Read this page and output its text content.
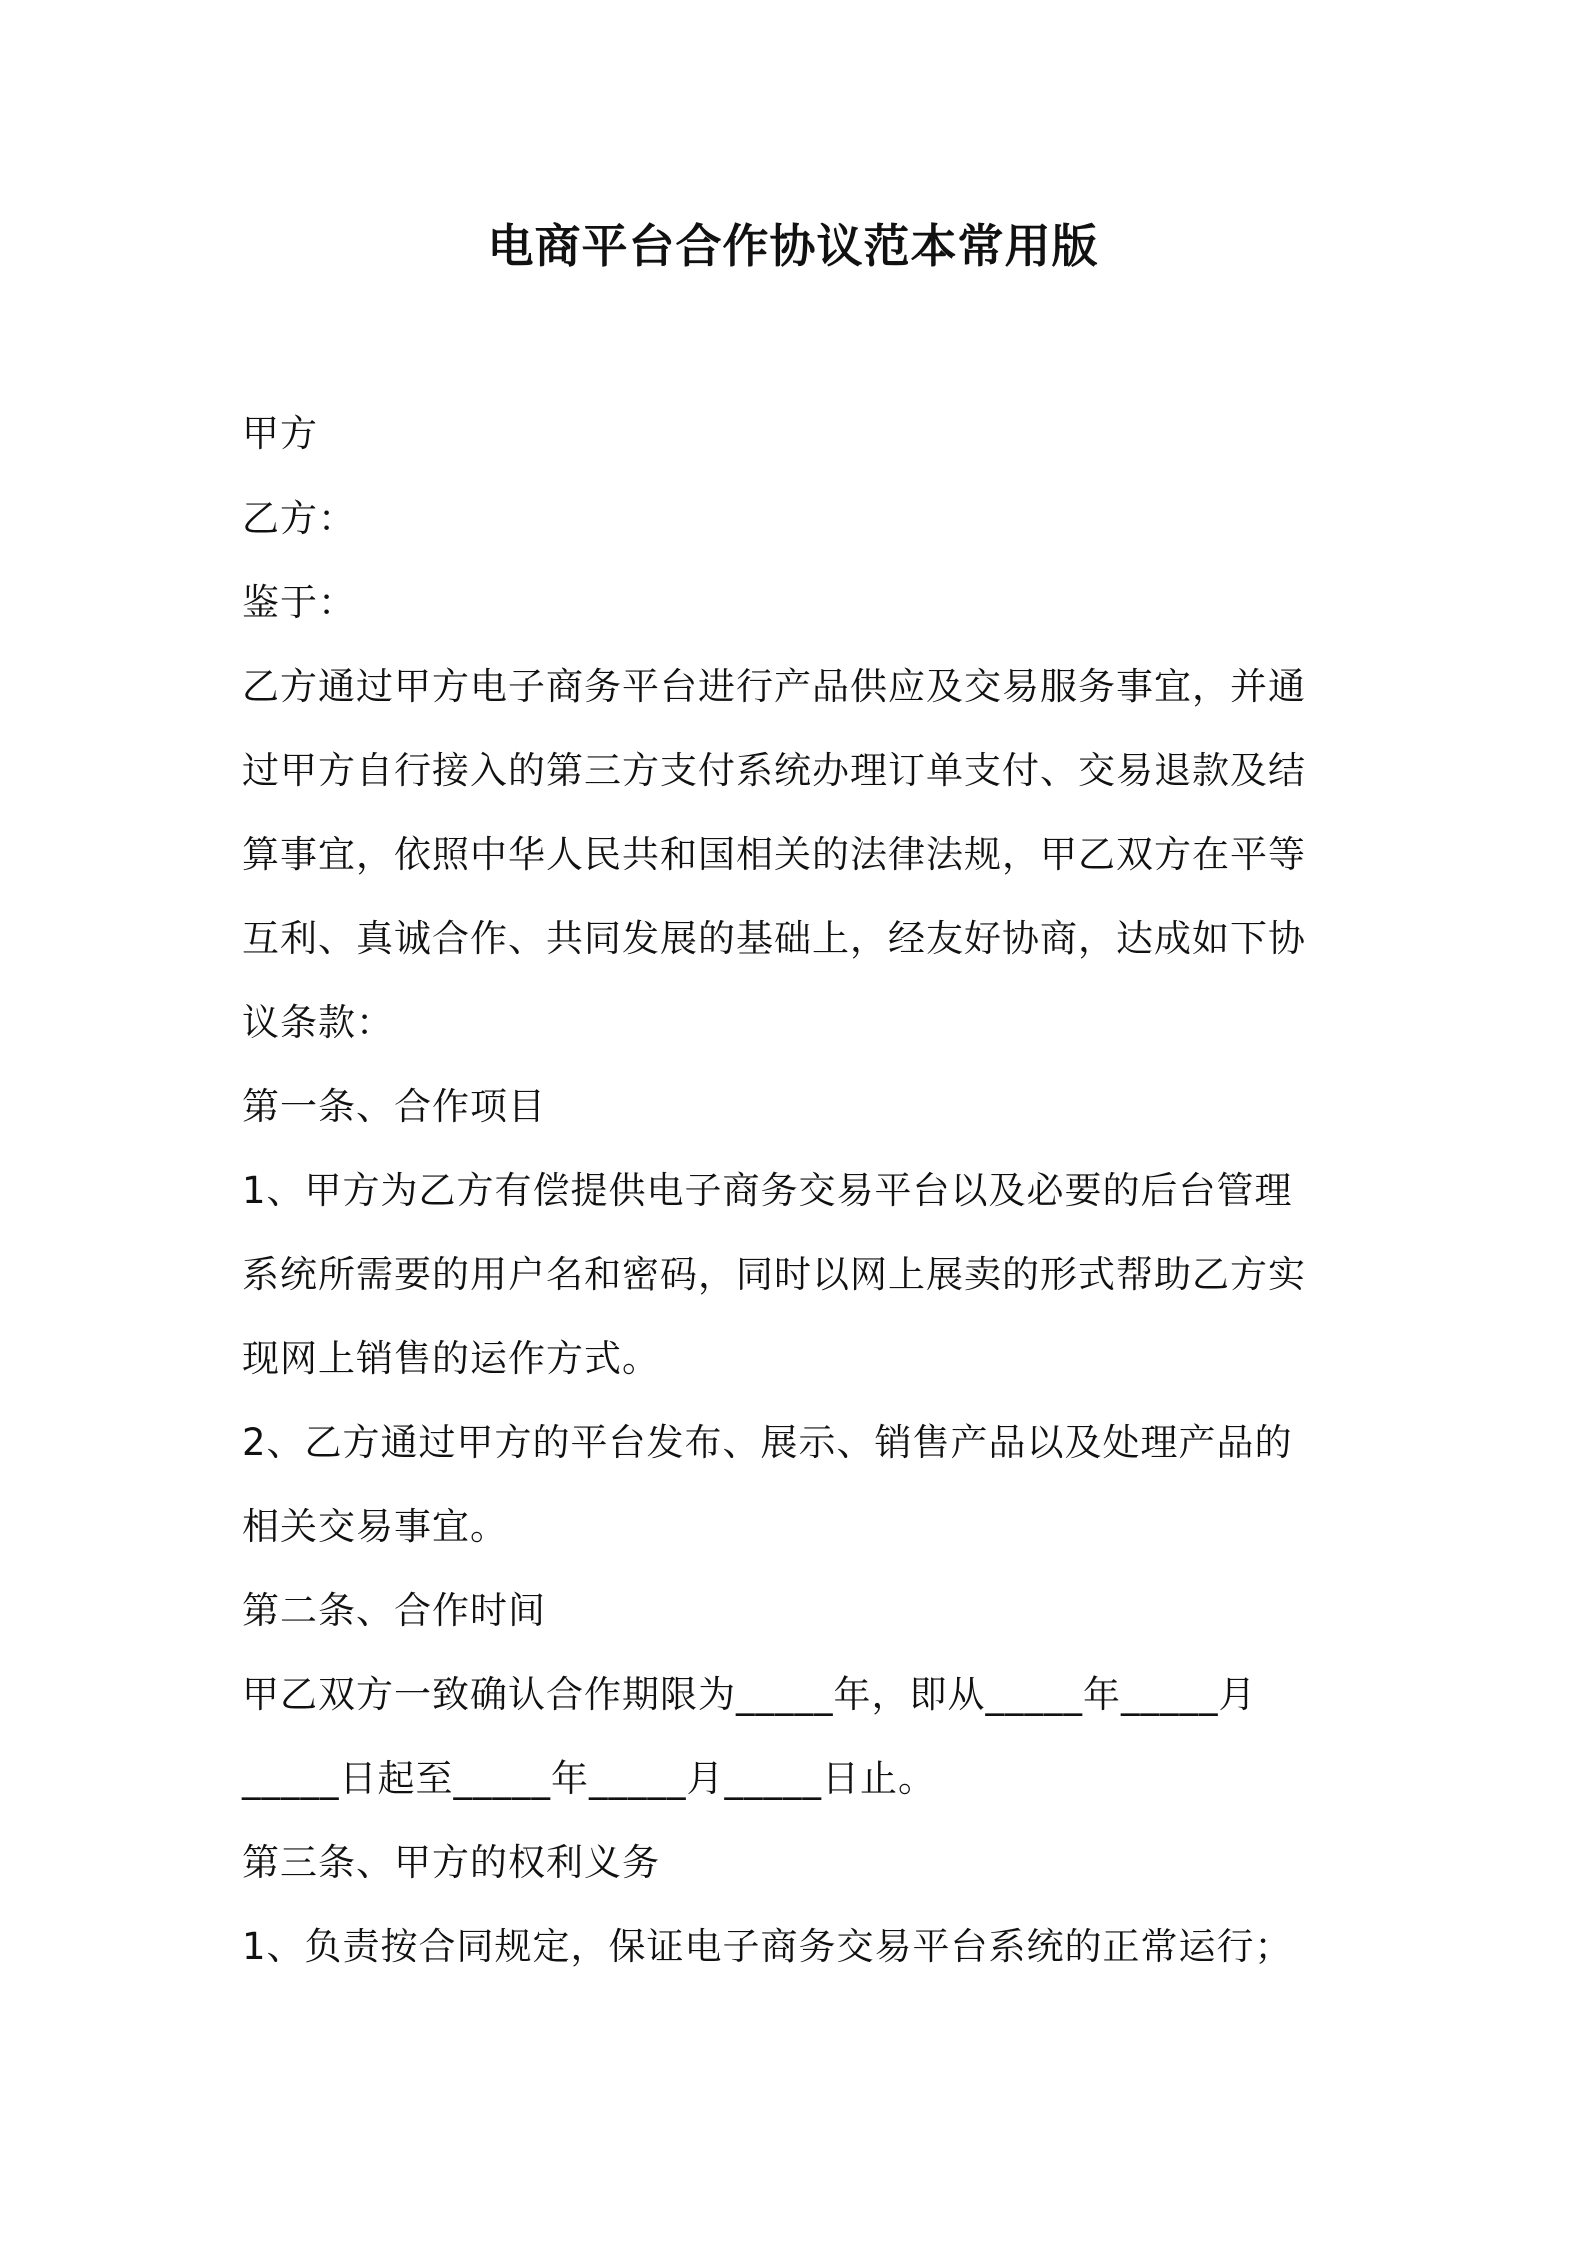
电商平台合作协议范本常用版
甲方
乙方：
鉴于：
乙方通过甲方电子商务平台进行产品供应及交易服务事宜，并通
过甲方自行接入的第三方支付系统办理订单支付、交易退款及结
算事宜，依照中华人民共和国相关的法律法规，甲乙双方在平等
互利、真诚合作、共同发展的基础上，经友好协商，达成如下协
议条款：
第一条、合作项目
1、甲方为乙方有偿提供电子商务交易平台以及必要的后台管理
系统所需要的用户名和密码，同时以网上展卖的形式帮助乙方实
现网上销售的运作方式。
2、乙方通过甲方的平台发布、展示、销售产品以及处理产品的
相关交易事宜。
第二条、合作时间
甲乙双方一致确认合作期限为_____年，即从_____年_____月
_____日起至_____年_____月_____日止。
第三条、甲方的权利义务
1、负责按合同规定，保证电子商务交易平台系统的正常运行；
